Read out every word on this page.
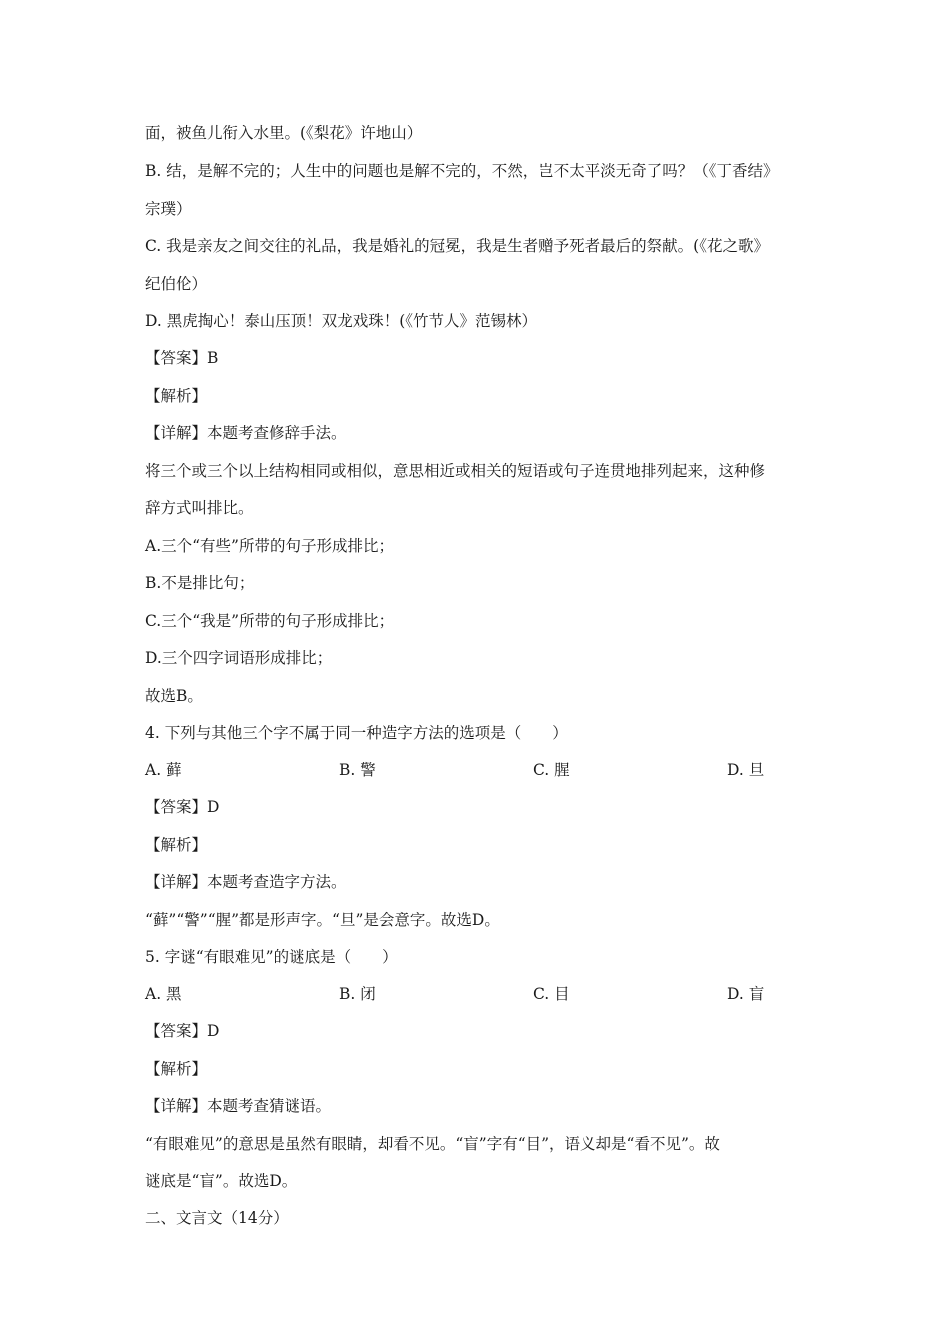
面，被鱼儿衔入水里。(《梨花》许地山）
B. 结，是解不完的；人生中的问题也是解不完的，不然，岂不太平淡无奇了吗？（《丁香结》
宗璞）
C. 我是亲友之间交往的礼品，我是婚礼的冠冕，我是生者赠予死者最后的祭献。(《花之歌》
纪伯伦）
D. 黑虎掏心！泰山压顶！双龙戏珠！(《竹节人》范锡林）
【答案】B
【解析】
【详解】本题考查修辞手法。
将三个或三个以上结构相同或相似，意思相近或相关的短语或句子连贯地排列起来，这种修
辞方式叫排比。
A.三个“有些”所带的句子形成排比；
B.不是排比句；
C.三个“我是”所带的句子形成排比；
D.三个四字词语形成排比；
故选B。
4. 下列与其他三个字不属于同一种造字方法的选项是（　　）
A. 藓	B. 警	C. 腥	D. 旦
【答案】D
【解析】
【详解】本题考查造字方法。
“藓”“警”“腥”都是形声字。“旦”是会意字。故选D。
5. 字谜“有眼难见”的谜底是（　　）
A. 黑	B. 闭	C. 目	D. 盲
【答案】D
【解析】
【详解】本题考查猜谜语。
“有眼难见”的意思是虽然有眼睛，却看不见。“盲”字有“目”，语义却是“看不见”。故
谜底是“盲”。故选D。
二、文言文（14分）
